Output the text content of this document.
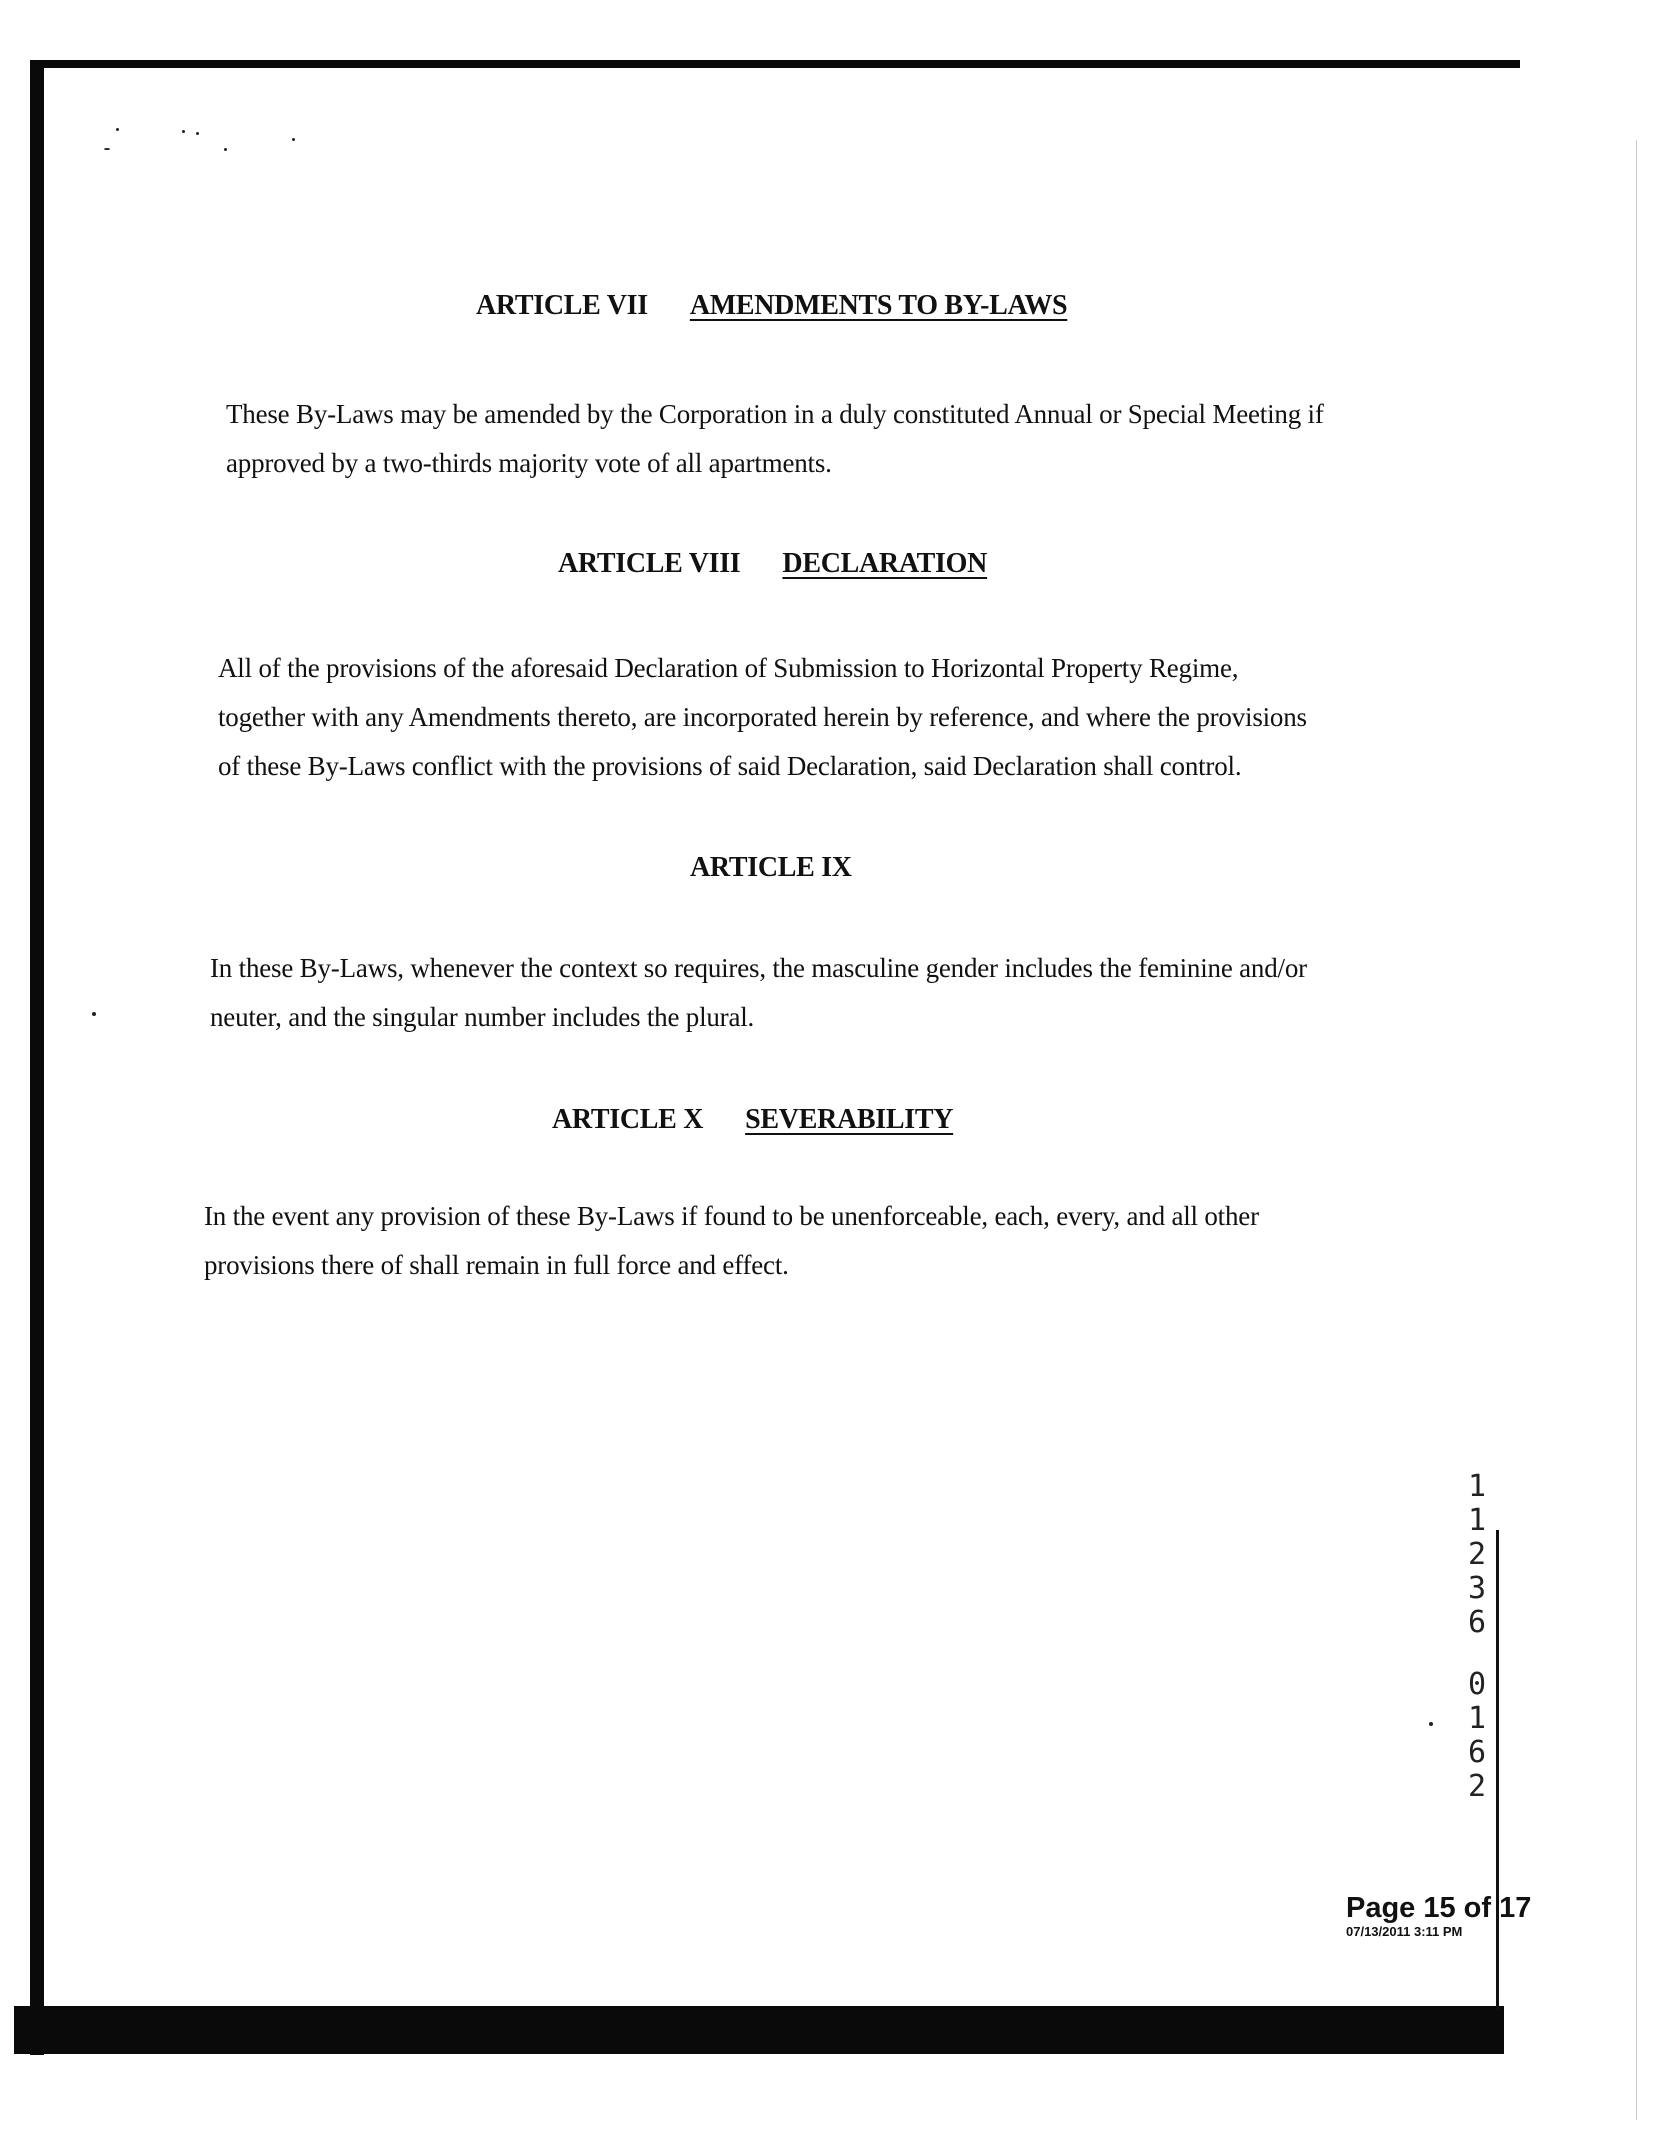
ARTICLE VII AMENDMENTS TO BY-LAWS
These By-Laws may be amended by the Corporation in a duly constituted Annual or Special Meeting if
approved by a two-thirds majority vote of all apartments.
ARTICLE VIII DECLARATION
All of the provisions of the aforesaid Declaration of Submission to Horizontal Property Regime,
together with any Amendments thereto, are incorporated herein by reference, and where the provisions
of these By-Laws conflict with the provisions of said Declaration, said Declaration shall control.
ARTICLE IX
In these By-Laws, whenever the context so requires, the masculine gender includes the feminine and/or
neuter, and the singular number includes the plural.
ARTICLE X SEVERABILITY
In the event any provision of these By-Laws if found to be unenforceable, each, every, and all other
provisions there of shall remain in full force and effect.
1
1
2
3
6
0
1
6
2
Page 15 of 17
07/13/2011 3:11 PM
